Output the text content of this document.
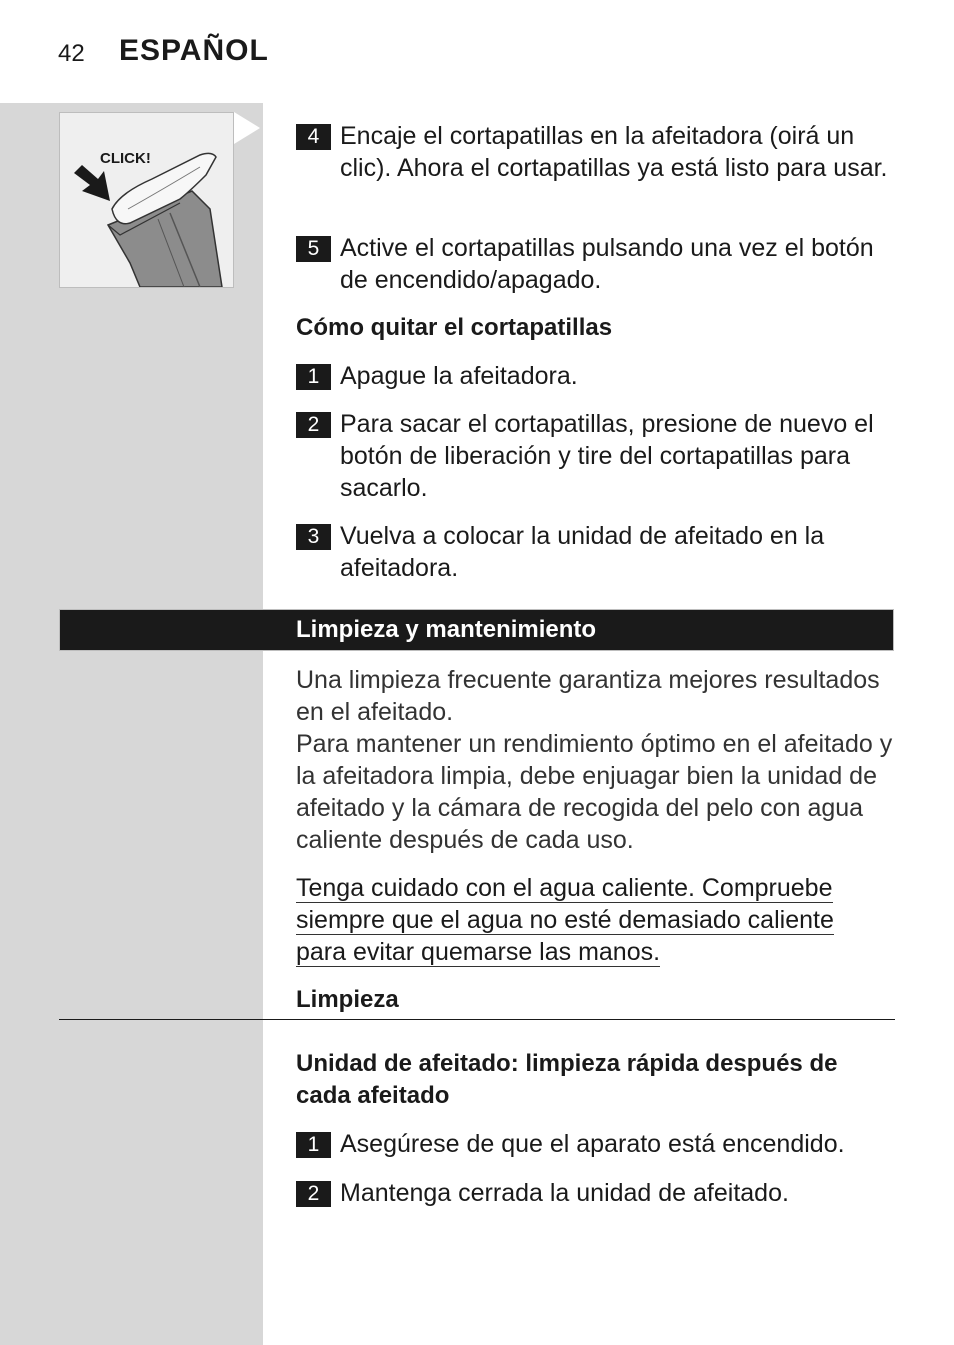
42 ESPAÑOL
CLICK!
4 Encaje el cortapatillas en la afeitadora (oirá un clic). Ahora el cortapatillas ya está listo para usar.
5 Active el cortapatillas pulsando una vez el botón de encendido/apagado.
Cómo quitar el cortapatillas
1 Apague la afeitadora.
2 Para sacar el cortapatillas, presione de nuevo el botón de liberación y tire del cortapatillas para sacarlo.
3 Vuelva a colocar la unidad de afeitado en la afeitadora.
Limpieza y mantenimiento
Una limpieza frecuente garantiza mejores resultados en el afeitado.
Para mantener un rendimiento óptimo en el afeitado y la afeitadora limpia, debe enjuagar bien la unidad de afeitado y la cámara de recogida del pelo con agua caliente después de cada uso.
Tenga cuidado con el agua caliente. Compruebe
siempre que el agua no esté demasiado caliente
para evitar quemarse las manos.
Limpieza
Unidad de afeitado: limpieza rápida después de cada afeitado
1 Asegúrese de que el aparato está encendido.
2 Mantenga cerrada la unidad de afeitado.
